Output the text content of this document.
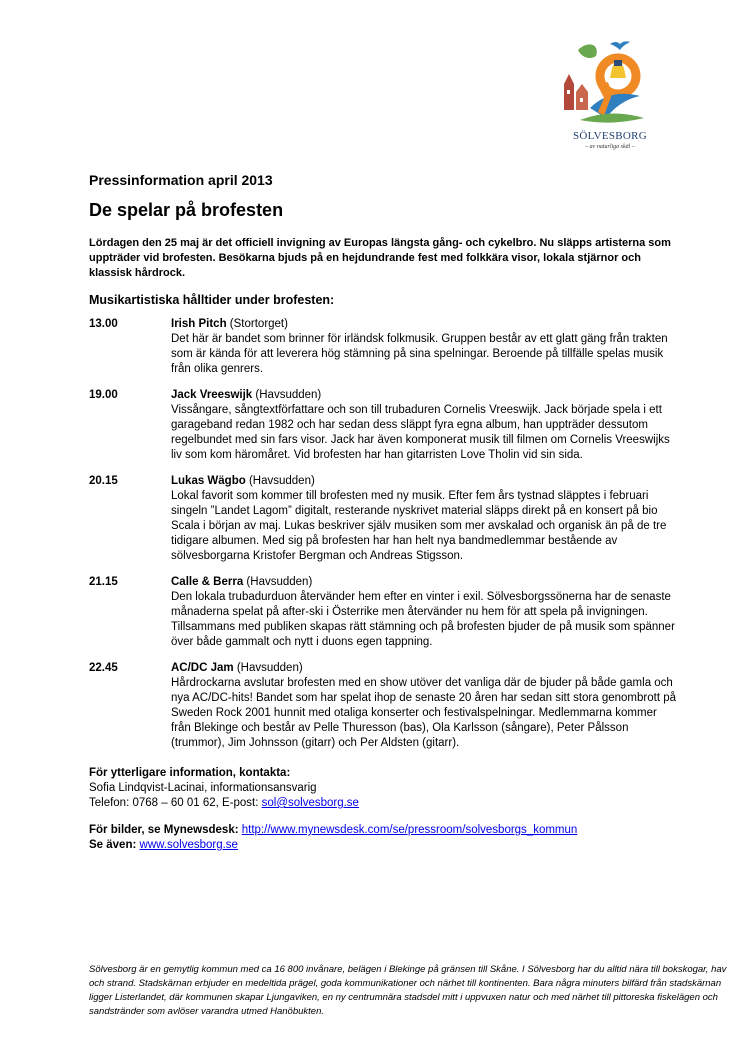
SÖLVESBORG
– av naturliga skäl –

Pressinformation april 2013

De spelar på brofesten

Lördagen den 25 maj är det officiell invigning av Europas längsta gång- och cykelbro. Nu släpps artisterna som uppträder vid brofesten. Besökarna bjuds på en hejdundrande fest med folkkära visor, lokala stjärnor och klassisk hårdrock.

Musikartistiska hålltider under brofesten:

13.00	Irish Pitch (Stortorget)
Det här är bandet som brinner för irländsk folkmusik. Gruppen består av ett glatt gäng från trakten som är kända för att leverera hög stämning på sina spelningar. Beroende på tillfälle spelas musik från olika genrers.
19.00	Jack Vreeswijk (Havsudden)
Vissångare, sångtextförfattare och son till trubaduren Cornelis Vreeswijk. Jack började spela i ett garageband redan 1982 och har sedan dess släppt fyra egna album, han uppträder dessutom regelbundet med sin fars visor. Jack har även komponerat musik till filmen om Cornelis Vreeswijks liv som kom häromåret. Vid brofesten har han gitarristen Love Tholin vid sin sida.
20.15	Lukas Wägbo (Havsudden)
Lokal favorit som kommer till brofesten med ny musik. Efter fem års tystnad släpptes i februari singeln ”Landet Lagom” digitalt, resterande nyskrivet material släpps direkt på en konsert på bio Scala i början av maj. Lukas beskriver själv musiken som mer avskalad och organisk än på de tre tidigare albumen. Med sig på brofesten har han helt nya bandmedlemmar bestående av sölvesborgarna Kristofer Bergman och Andreas Stigsson.
21.15	Calle & Berra (Havsudden)
Den lokala trubadurduon återvänder hem efter en vinter i exil. Sölvesborgssönerna har de senaste månaderna spelat på after-ski i Österrike men återvänder nu hem för att spela på invigningen. Tillsammans med publiken skapas rätt stämning och på brofesten bjuder de på musik som spänner över både gammalt och nytt i duons egen tappning.
22.45	AC/DC Jam (Havsudden)
Hårdrockarna avslutar brofesten med en show utöver det vanliga där de bjuder på både gamla och nya AC/DC-hits! Bandet som har spelat ihop de senaste 20 åren har sedan sitt stora genombrott på Sweden Rock 2001 hunnit med otaliga konserter och festivalspelningar. Medlemmarna kommer från Blekinge och består av Pelle Thuresson (bas), Ola Karlsson (sångare), Peter Pålsson (trummor), Jim Johnsson (gitarr) och Per Aldsten (gitarr).
För ytterligare information, kontakta:
Sofia Lindqvist-Lacinai, informationsansvarig
Telefon: 0768 – 60 01 62, E-post: sol@solvesborg.se
För bilder, se Mynewsdesk: http://www.mynewsdesk.com/se/pressroom/solvesborgs_kommun
Se även: www.solvesborg.se
Sölvesborg är en gemytlig kommun med ca 16 800 invånare, belägen i Blekinge på gränsen till Skåne. I Sölvesborg har du alltid nära till bokskogar, hav och strand. Stadskärnan erbjuder en medeltida prägel, goda kommunikationer och närhet till kontinenten. Bara några minuters bilfärd från stadskärnan ligger Listerlandet, där kommunen skapar Ljungaviken, en ny centrumnära stadsdel mitt i uppvuxen natur och med närhet till pittoreska fiskelägen och sandstränder som avlöser varandra utmed Hanöbukten.
